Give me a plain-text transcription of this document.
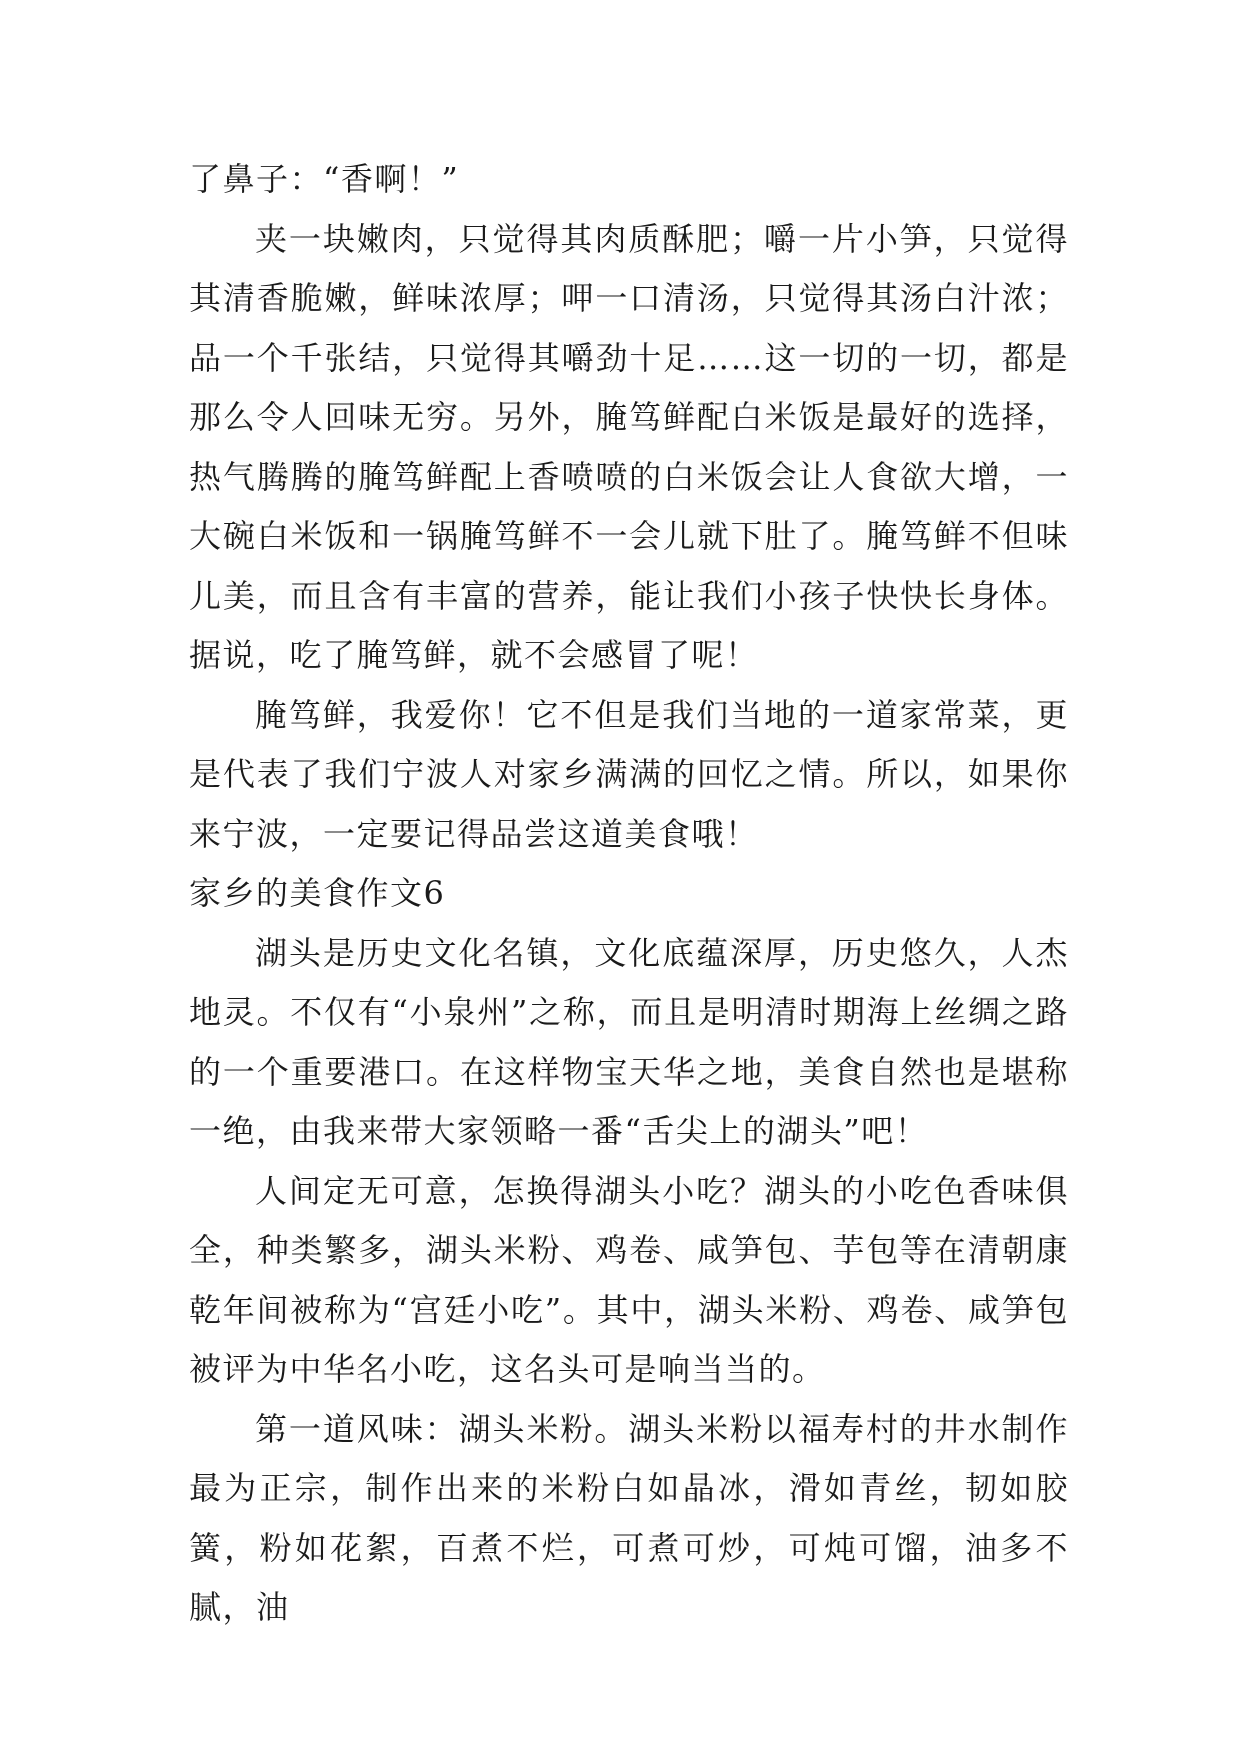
了鼻子：“香啊！”

夹一块嫩肉，只觉得其肉质酥肥；嚼一片小笋，只觉得其清香脆嫩，鲜味浓厚；呷一口清汤，只觉得其汤白汁浓；品一个千张结，只觉得其嚼劲十足……这一切的一切，都是那么令人回味无穷。另外，腌笃鲜配白米饭是最好的选择，热气腾腾的腌笃鲜配上香喷喷的白米饭会让人食欲大增，一大碗白米饭和一锅腌笃鲜不一会儿就下肚了。腌笃鲜不但味儿美，而且含有丰富的营养，能让我们小孩子快快长身体。据说，吃了腌笃鲜，就不会感冒了呢！

腌笃鲜，我爱你！它不但是我们当地的一道家常菜，更是代表了我们宁波人对家乡满满的回忆之情。所以，如果你来宁波，一定要记得品尝这道美食哦！

家乡的美食作文6

湖头是历史文化名镇，文化底蕴深厚，历史悠久，人杰地灵。不仅有“小泉州”之称，而且是明清时期海上丝绸之路的一个重要港口。在这样物宝天华之地，美食自然也是堪称一绝，由我来带大家领略一番“舌尖上的湖头”吧！

人间定无可意，怎换得湖头小吃？湖头的小吃色香味俱全，种类繁多，湖头米粉、鸡卷、咸笋包、芋包等在清朝康乾年间被称为“宫廷小吃”。其中，湖头米粉、鸡卷、咸笋包被评为中华名小吃，这名头可是响当当的。

第一道风味：湖头米粉。湖头米粉以福寿村的井水制作最为正宗，制作出来的米粉白如晶冰，滑如青丝，韧如胶簧，粉如花絮，百煮不烂，可煮可炒，可炖可馏，油多不腻，油
